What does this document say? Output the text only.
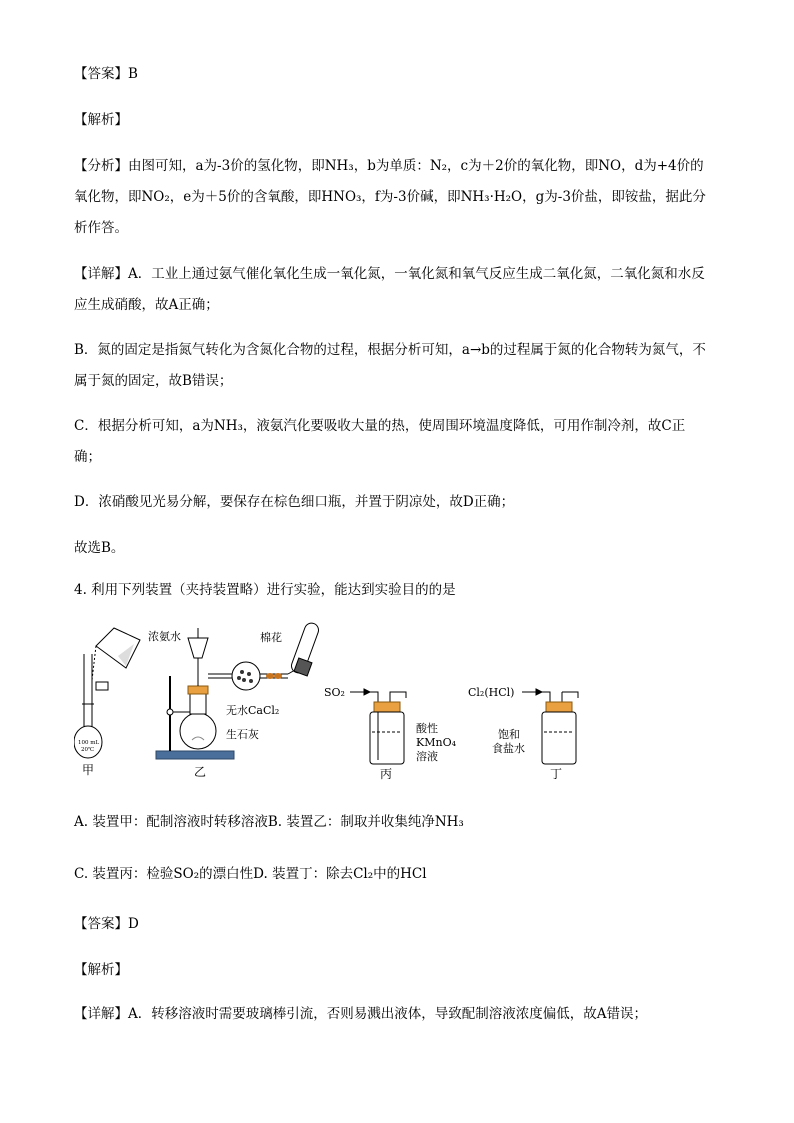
【答案】B
【解析】
【分析】由图可知，a为-3价的氢化物，即NH₃，b为单质：N₂，c为＋2价的氧化物，即NO，d为+4价的
氧化物，即NO₂，e为＋5价的含氧酸，即HNO₃，f为-3价碱，即NH₃·H₂O，g为-3价盐，即铵盐，据此分
析作答。
【详解】A．工业上通过氨气催化氧化生成一氧化氮，一氧化氮和氧气反应生成二氧化氮，二氧化氮和水反
应生成硝酸，故A正确；
B．氮的固定是指氮气转化为含氮化合物的过程，根据分析可知，a→b的过程属于氮的化合物转为氮气，不
属于氮的固定，故B错误；
C．根据分析可知，a为NH₃，液氨汽化要吸收大量的热，使周围环境温度降低，可用作制冷剂，故C正
确；
D．浓硝酸见光易分解，要保存在棕色细口瓶，并置于阴凉处，故D正确；
故选B。
4. 利用下列装置（夹持装置略）进行实验，能达到实验目的的是
100 mL
20℃
甲
浓氨水	棉花
无水CaCl₂
生石灰
乙
SO₂
酸性
KMnO₄
溶液
丙
Cl₂(HCl)
饱和
食盐水
丁
A. 装置甲：配制溶液时转移溶液B. 装置乙：制取并收集纯净NH₃
C. 装置丙：检验SO₂的漂白性D. 装置丁：除去Cl₂中的HCl
【答案】D
【解析】
【详解】A．转移溶液时需要玻璃棒引流，否则易溅出液体，导致配制溶液浓度偏低，故A错误；
